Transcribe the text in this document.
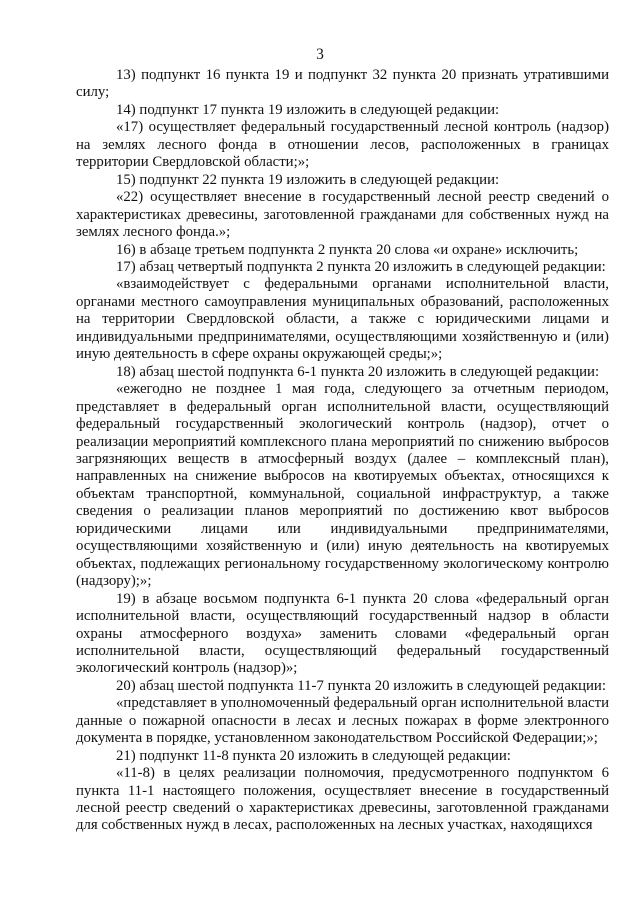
3

13) подпункт 16 пункта 19 и подпункт 32 пункта 20 признать утратившими силу;

14) подпункт 17 пункта 19 изложить в следующей редакции:

«17) осуществляет федеральный государственный лесной контроль (надзор) на землях лесного фонда в отношении лесов, расположенных в границах территории Свердловской области;»;

15) подпункт 22 пункта 19 изложить в следующей редакции:

«22) осуществляет внесение в государственный лесной реестр сведений о характеристиках древесины, заготовленной гражданами для собственных нужд на землях лесного фонда.»;

16) в абзаце третьем подпункта 2 пункта 20 слова «и охране» исключить;

17) абзац четвертый подпункта 2 пункта 20 изложить в следующей редакции:

«взаимодействует с федеральными органами исполнительной власти, органами местного самоуправления муниципальных образований, расположенных на территории Свердловской области, а также с юридическими лицами и индивидуальными предпринимателями, осуществляющими хозяйственную и (или) иную деятельность в сфере охраны окружающей среды;»;

18) абзац шестой подпункта 6-1 пункта 20 изложить в следующей редакции:

«ежегодно не позднее 1 мая года, следующего за отчетным периодом, представляет в федеральный орган исполнительной власти, осуществляющий федеральный государственный экологический контроль (надзор), отчет о реализации мероприятий комплексного плана мероприятий по снижению выбросов загрязняющих веществ в атмосферный воздух (далее – комплексный план), направленных на снижение выбросов на квотируемых объектах, относящихся к объектам транспортной, коммунальной, социальной инфраструктур, а также сведения о реализации планов мероприятий по достижению квот выбросов юридическими лицами или индивидуальными предпринимателями, осуществляющими хозяйственную и (или) иную деятельность на квотируемых объектах, подлежащих региональному государственному экологическому контролю (надзору);»;

19) в абзаце восьмом подпункта 6-1 пункта 20 слова «федеральный орган исполнительной власти, осуществляющий государственный надзор в области охраны атмосферного воздуха» заменить словами «федеральный орган исполнительной власти, осуществляющий федеральный государственный экологический контроль (надзор)»;

20) абзац шестой подпункта 11-7 пункта 20 изложить в следующей редакции:

«представляет в уполномоченный федеральный орган исполнительной власти данные о пожарной опасности в лесах и лесных пожарах в форме электронного документа в порядке, установленном законодательством Российской Федерации;»;

21) подпункт 11-8 пункта 20 изложить в следующей редакции:

«11-8) в целях реализации полномочия, предусмотренного подпунктом 6 пункта 11-1 настоящего положения, осуществляет внесение в государственный лесной реестр сведений о характеристиках древесины, заготовленной гражданами для собственных нужд в лесах, расположенных на лесных участках, находящихся
